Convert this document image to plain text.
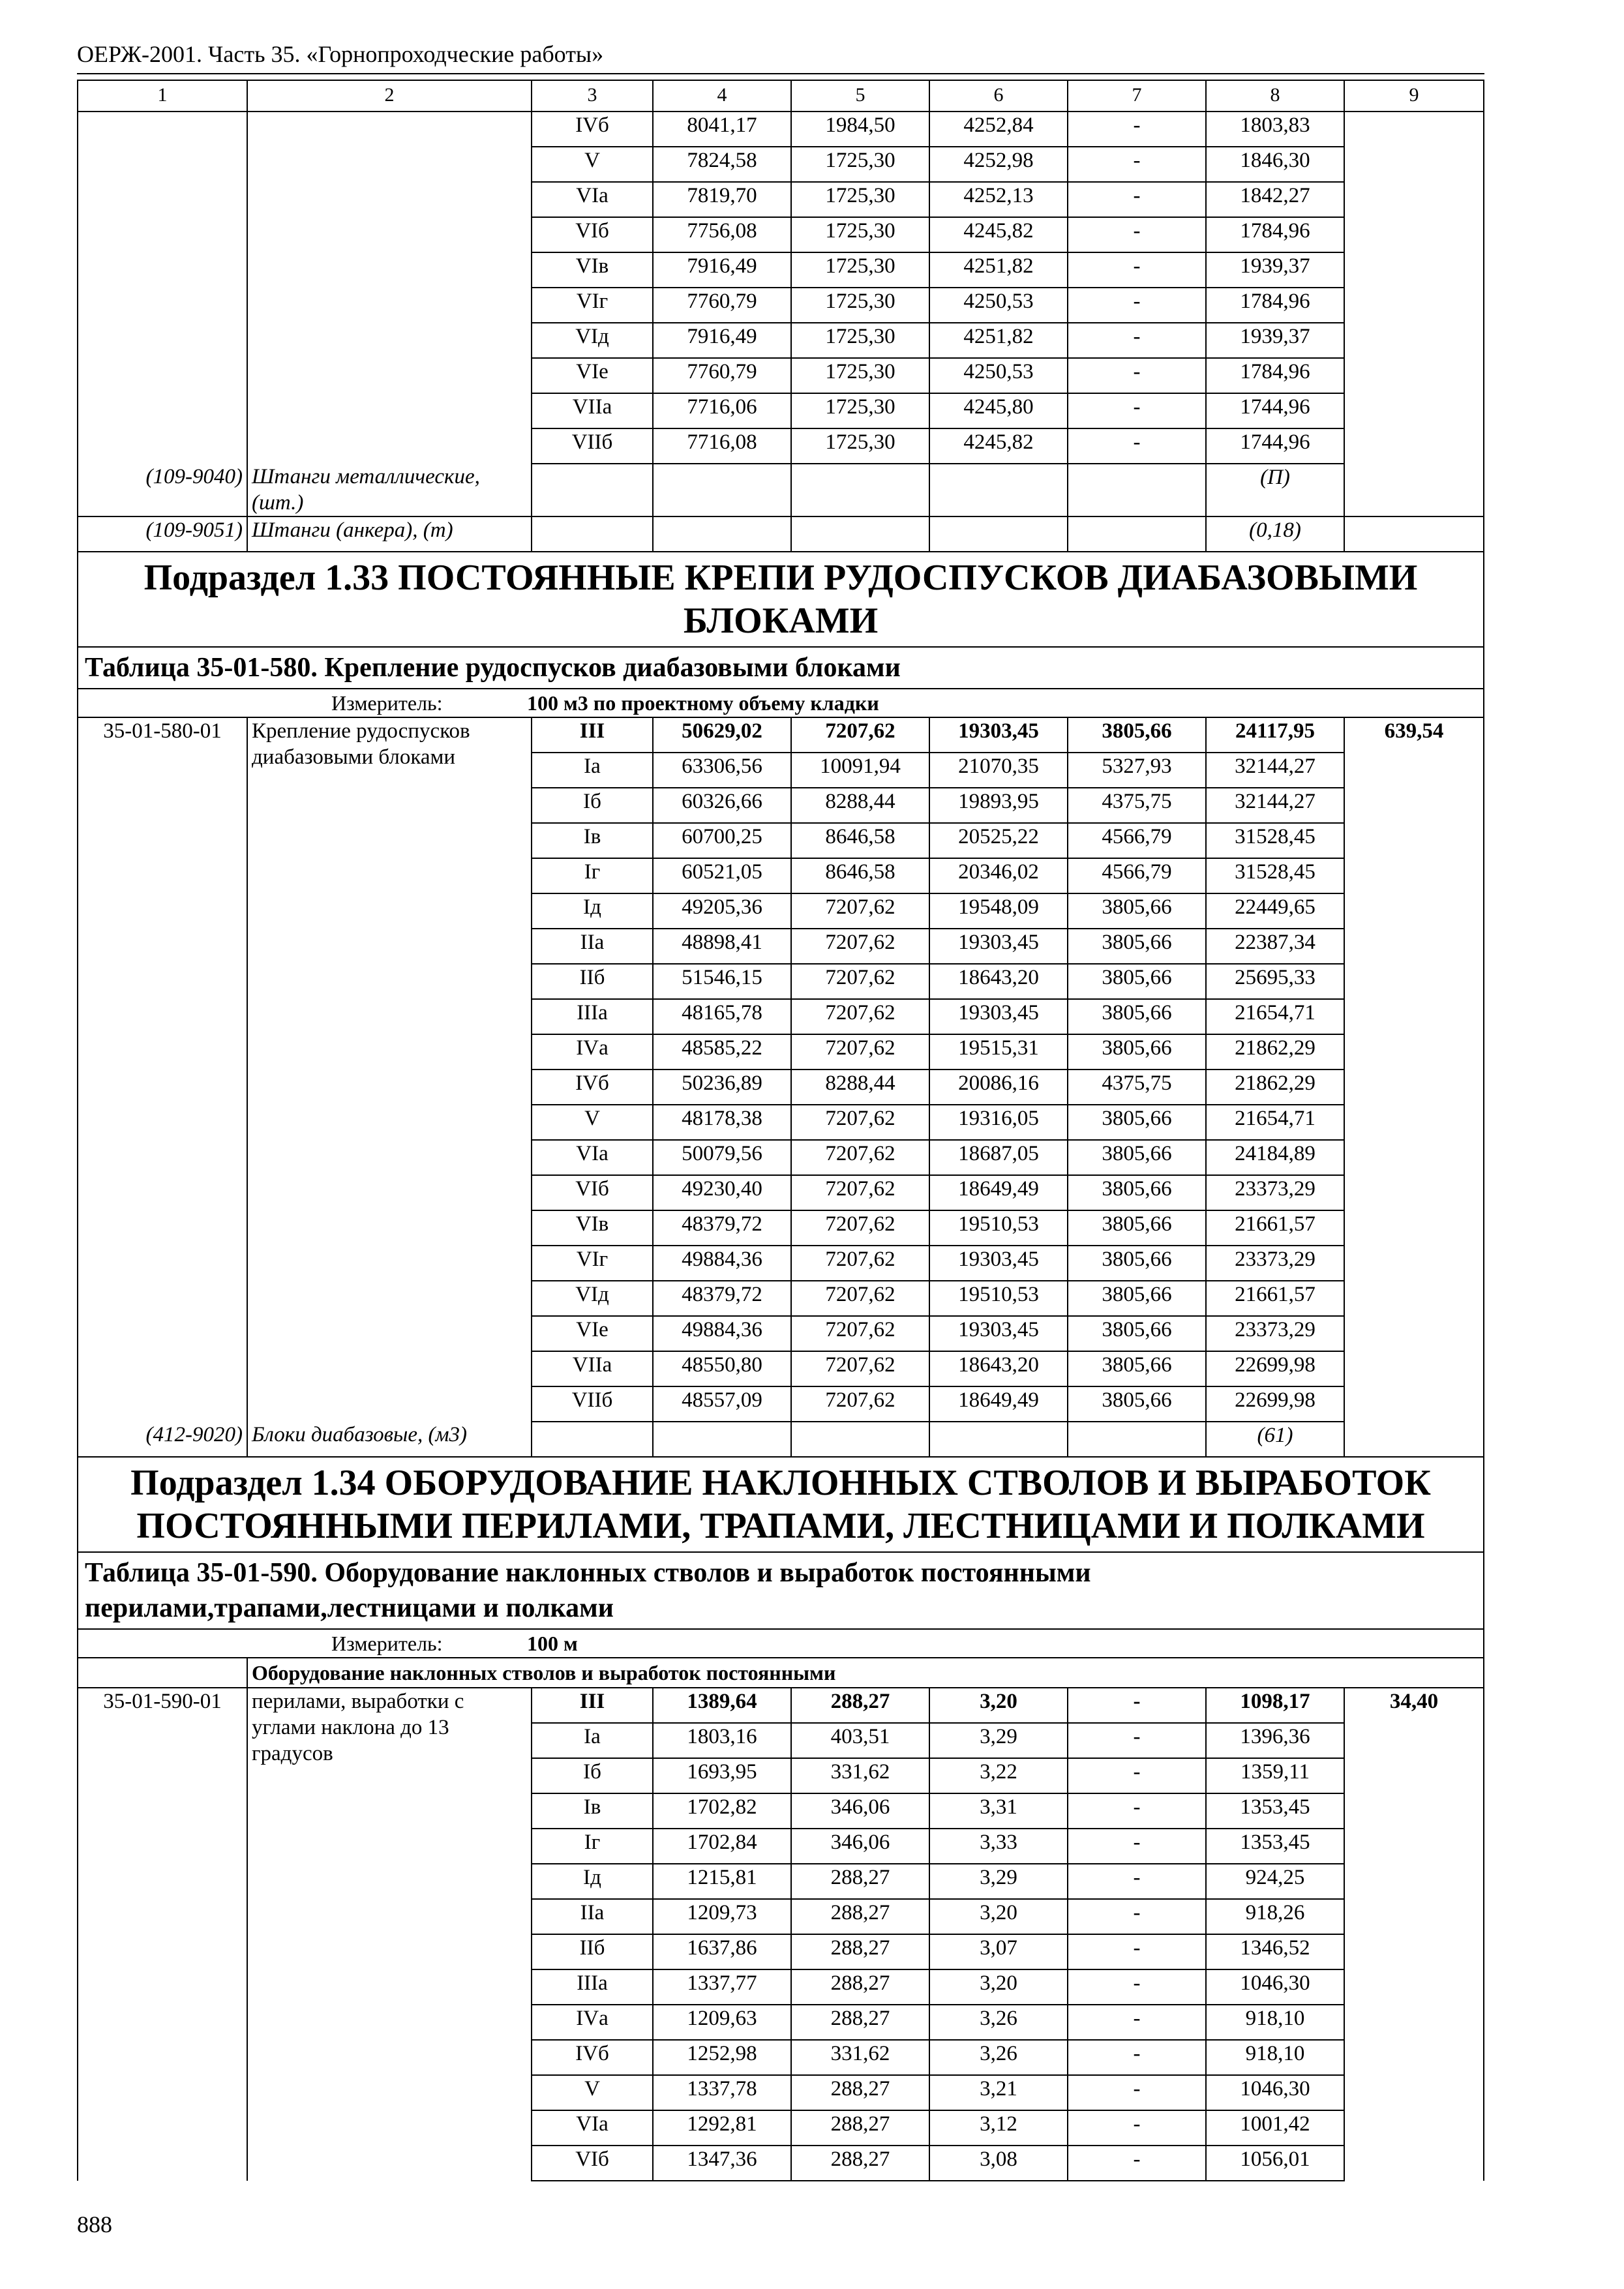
ОЕРЖ-2001. Часть 35. «Горнопроходческие работы»
1	2	3	4	5	6	7	8	9
		IVб	8041,17	1984,50	4252,84	-	1803,83	
		V	7824,58	1725,30	4252,98	-	1846,30	
		VIа	7819,70	1725,30	4252,13	-	1842,27	
		VIб	7756,08	1725,30	4245,82	-	1784,96	
		VIв	7916,49	1725,30	4251,82	-	1939,37	
		VIг	7760,79	1725,30	4250,53	-	1784,96	
		VIд	7916,49	1725,30	4251,82	-	1939,37	
		VIе	7760,79	1725,30	4250,53	-	1784,96	
		VIIа	7716,06	1725,30	4245,80	-	1744,96	
		VIIб	7716,08	1725,30	4245,82	-	1744,96	
(109-9040)	Штанги металлические, (шт.)						(П)	
(109-9051)	Штанги (анкера), (т)						(0,18)	
Подраздел 1.33 ПОСТОЯННЫЕ КРЕПИ РУДОСПУСКОВ ДИАБАЗОВЫМИ БЛОКАМИ								
Таблица 35-01-580. Крепление рудоспусков диабазовыми блоками								
Измеритель: 100 м3 по проектному объему кладки								
35-01-580-01	Крепление рудоспусков диабазовыми блоками	III	50629,02	7207,62	19303,45	3805,66	24117,95	639,54
		Iа	63306,56	10091,94	21070,35	5327,93	32144,27	
		Iб	60326,66	8288,44	19893,95	4375,75	32144,27	
		Iв	60700,25	8646,58	20525,22	4566,79	31528,45	
		Iг	60521,05	8646,58	20346,02	4566,79	31528,45	
		Iд	49205,36	7207,62	19548,09	3805,66	22449,65	
		IIа	48898,41	7207,62	19303,45	3805,66	22387,34	
		IIб	51546,15	7207,62	18643,20	3805,66	25695,33	
		IIIа	48165,78	7207,62	19303,45	3805,66	21654,71	
		IVа	48585,22	7207,62	19515,31	3805,66	21862,29	
		IVб	50236,89	8288,44	20086,16	4375,75	21862,29	
		V	48178,38	7207,62	19316,05	3805,66	21654,71	
		VIа	50079,56	7207,62	18687,05	3805,66	24184,89	
		VIб	49230,40	7207,62	18649,49	3805,66	23373,29	
		VIв	48379,72	7207,62	19510,53	3805,66	21661,57	
		VIг	49884,36	7207,62	19303,45	3805,66	23373,29	
		VIд	48379,72	7207,62	19510,53	3805,66	21661,57	
		VIе	49884,36	7207,62	19303,45	3805,66	23373,29	
		VIIа	48550,80	7207,62	18643,20	3805,66	22699,98	
		VIIб	48557,09	7207,62	18649,49	3805,66	22699,98	
(412-9020)	Блоки диабазовые, (м3)						(61)	
Подраздел 1.34 ОБОРУДОВАНИЕ НАКЛОННЫХ СТВОЛОВ И ВЫРАБОТОК ПОСТОЯННЫМИ ПЕРИЛАМИ, ТРАПАМИ, ЛЕСТНИЦАМИ И ПОЛКАМИ								
Таблица 35-01-590. Оборудование наклонных стволов и выработок постоянными перилами,трапами,лестницами и полками								
Измеритель: 100 м								
	Оборудование наклонных стволов и выработок постоянными							
35-01-590-01	перилами, выработки с углами наклона до 13 градусов	III	1389,64	288,27	3,20	-	1098,17	34,40
		Iа	1803,16	403,51	3,29	-	1396,36	
		Iб	1693,95	331,62	3,22	-	1359,11	
		Iв	1702,82	346,06	3,31	-	1353,45	
		Iг	1702,84	346,06	3,33	-	1353,45	
		Iд	1215,81	288,27	3,29	-	924,25	
		IIа	1209,73	288,27	3,20	-	918,26	
		IIб	1637,86	288,27	3,07	-	1346,52	
		IIIа	1337,77	288,27	3,20	-	1046,30	
		IVа	1209,63	288,27	3,26	-	918,10	
		IVб	1252,98	331,62	3,26	-	918,10	
		V	1337,78	288,27	3,21	-	1046,30	
		VIа	1292,81	288,27	3,12	-	1001,42	
		VIб	1347,36	288,27	3,08	-	1056,01	
888
